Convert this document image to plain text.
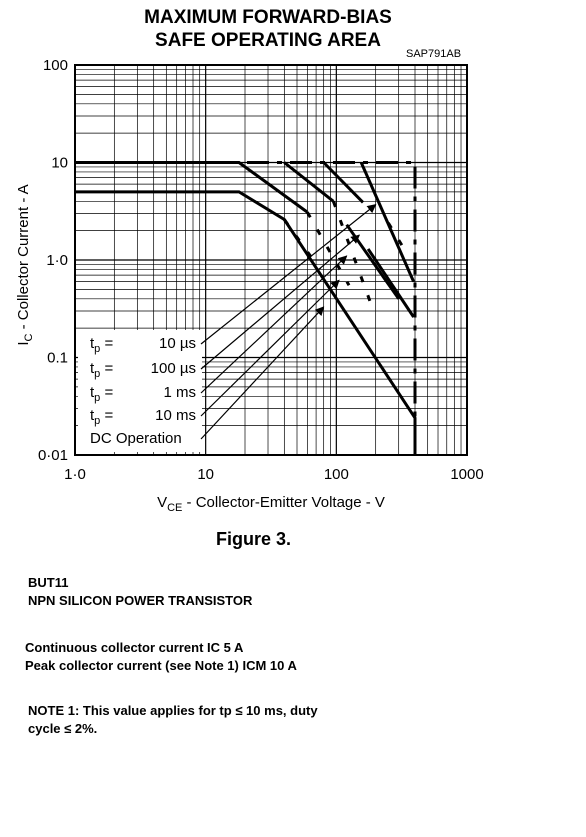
MAXIMUM FORWARD-BIAS
SAFE OPERATING AREA
SAP791AB
$t_p$ =	10 µs
$t_p = 100$ µs
$t_p$ =	1 ms
$t_p$ =	10 ms
DC Operation
1·0	10	100	1000
0·01
0.1
1·0
10
100
$V_{CE}$ - Collector-Emitter Voltage - V
$I_C$ - Collector Current - A
Figure 3.
BUT11
NPN SILICON POWER TRANSISTOR
Continuous collector current IC 5 A
Peak collector current (see Note 1) ICM 10 A
NOTE 1: This value applies for tp ≤ 10 ms, duty
cycle ≤ 2%.
